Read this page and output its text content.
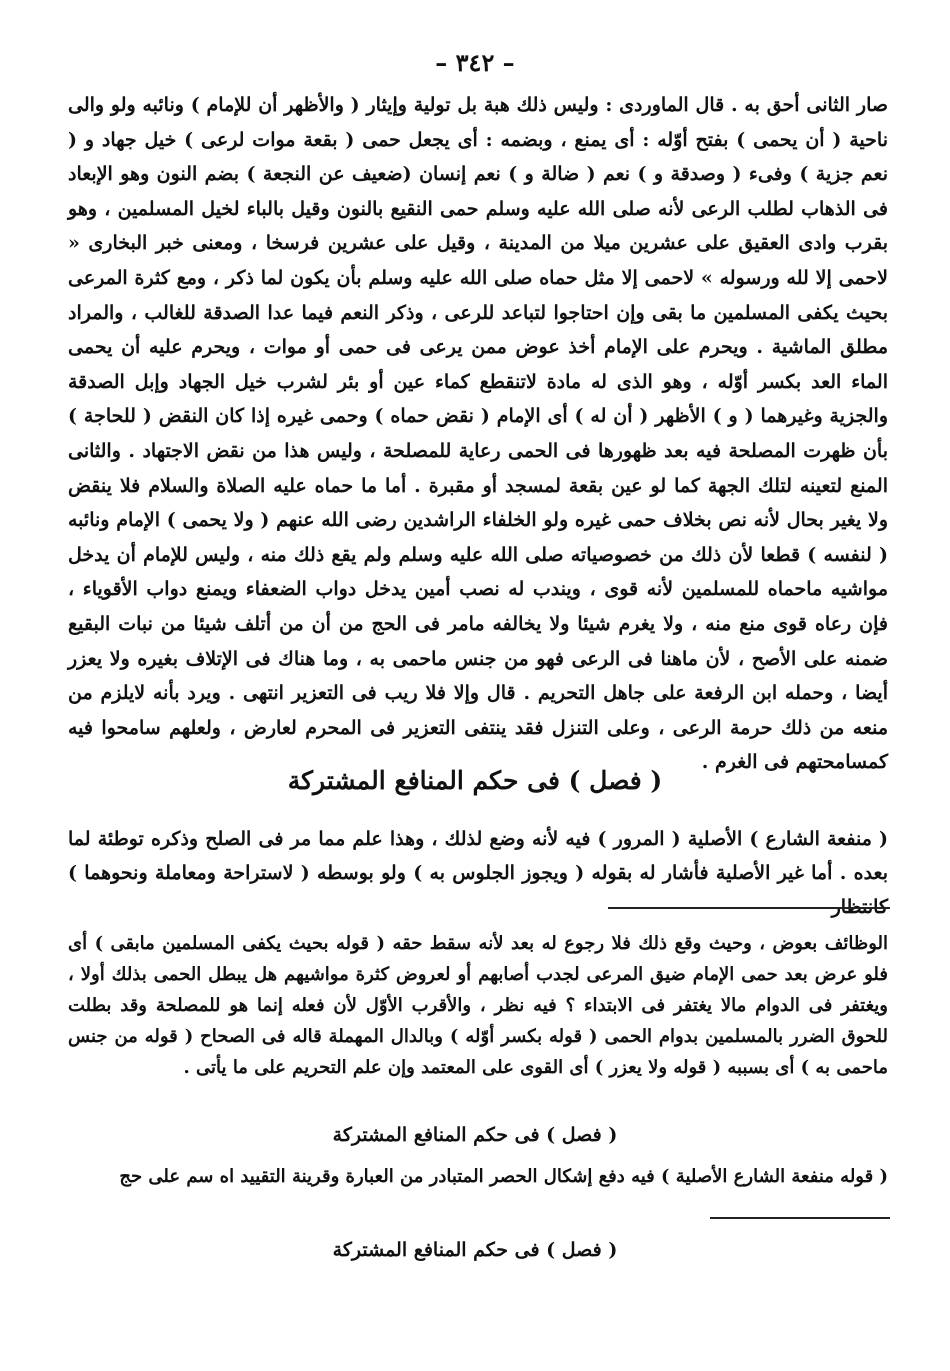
– ٣٤٢ –

صار الثانى أحق به . قال الماوردى : وليس ذلك هبة بل تولية وإيثار ( والأظهر أن للإمام ) ونائبه ولو والى ناحية ( أن يحمى ) بفتح أوّله : أى يمنع ، وبضمه : أى يجعل حمى ( بقعة موات لرعى ) خيل جهاد و ( نعم جزية ) وفىء ( وصدقة و ) نعم ( ضالة و ) نعم إنسان (ضعيف عن النجعة ) بضم النون وهو الإبعاد فى الذهاب لطلب الرعى لأنه صلى الله عليه وسلم حمى النقيع بالنون وقيل بالباء لخيل المسلمين ، وهو بقرب وادى العقيق على عشرين ميلا من المدينة ، وقيل على عشرين فرسخا ، ومعنى خبر البخارى « لاحمى إلا لله ورسوله » لاحمى إلا مثل حماه صلى الله عليه وسلم بأن يكون لما ذكر ، ومع كثرة المرعى بحيث يكفى المسلمين ما بقى وإن احتاجوا لتباعد للرعى ، وذكر النعم فيما عدا الصدقة للغالب ، والمراد مطلق الماشية . ويحرم على الإمام أخذ عوض ممن يرعى فى حمى أو موات ، ويحرم عليه أن يحمى الماء العد بكسر أوّله ، وهو الذى له مادة لاتنقطع كماء عين أو بئر لشرب خيل الجهاد وإبل الصدقة والجزية وغيرهما ( و ) الأظهر ( أن له ) أى الإمام ( نقض حماه ) وحمى غيره إذا كان النقض ( للحاجة ) بأن ظهرت المصلحة فيه بعد ظهورها فى الحمى رعاية للمصلحة ، وليس هذا من نقض الاجتهاد . والثانى المنع لتعينه لتلك الجهة كما لو عين بقعة لمسجد أو مقبرة . أما ما حماه عليه الصلاة والسلام فلا ينقض ولا يغير بحال لأنه نص بخلاف حمى غيره ولو الخلفاء الراشدين رضى الله عنهم ( ولا يحمى ) الإمام ونائبه ( لنفسه ) قطعا لأن ذلك من خصوصياته صلى الله عليه وسلم ولم يقع ذلك منه ، وليس للإمام أن يدخل مواشيه ماحماه للمسلمين لأنه قوى ، ويندب له نصب أمين يدخل دواب الضعفاء ويمنع دواب الأقوياء ، فإن رعاه قوى منع منه ، ولا يغرم شيئا ولا يخالفه مامر فى الحج من أن من أتلف شيئا من نبات البقيع ضمنه على الأصح ، لأن ماهنا فى الرعى فهو من جنس ماحمى به ، وما هناك فى الإتلاف بغيره ولا يعزر أيضا ، وحمله ابن الرفعة على جاهل التحريم . قال وإلا فلا ريب فى التعزير انتهى . ويرد بأنه لايلزم من منعه من ذلك حرمة الرعى ، وعلى التنزل فقد ينتفى التعزير فى المحرم لعارض ، ولعلهم سامحوا فيه كمسامحتهم فى الغرم .

( فصل ) فى حكم المنافع المشتركة

( منفعة الشارع ) الأصلية ( المرور ) فيه لأنه وضع لذلك ، وهذا علم مما مر فى الصلح وذكره توطئة لما بعده . أما غير الأصلية فأشار له بقوله ( ويجوز الجلوس به ) ولو بوسطه ( لاستراحة ومعاملة ونحوهما ) كانتظار

الوظائف بعوض ، وحيث وقع ذلك فلا رجوع له بعد لأنه سقط حقه ( قوله بحيث يكفى المسلمين مابقى ) أى فلو عرض بعد حمى الإمام ضيق المرعى لجدب أصابهم أو لعروض كثرة مواشيهم هل يبطل الحمى بذلك أولا ، ويغتفر فى الدوام مالا يغتفر فى الابتداء ؟ فيه نظر ، والأقرب الأوّل لأن فعله إنما هو للمصلحة وقد بطلت للحوق الضرر بالمسلمين بدوام الحمى ( قوله بكسر أوّله ) وبالدال المهملة قاله فى الصحاح ( قوله من جنس ماحمى به ) أى بسببه ( قوله ولا يعزر ) أى القوى على المعتمد وإن علم التحريم على ما يأتى .

( فصل ) فى حكم المنافع المشتركة
( قوله منفعة الشارع الأصلية ) فيه دفع إشكال الحصر المتبادر من العبارة وقرينة التقييد اه سم على حج
( فصل ) فى حكم المنافع المشتركة
